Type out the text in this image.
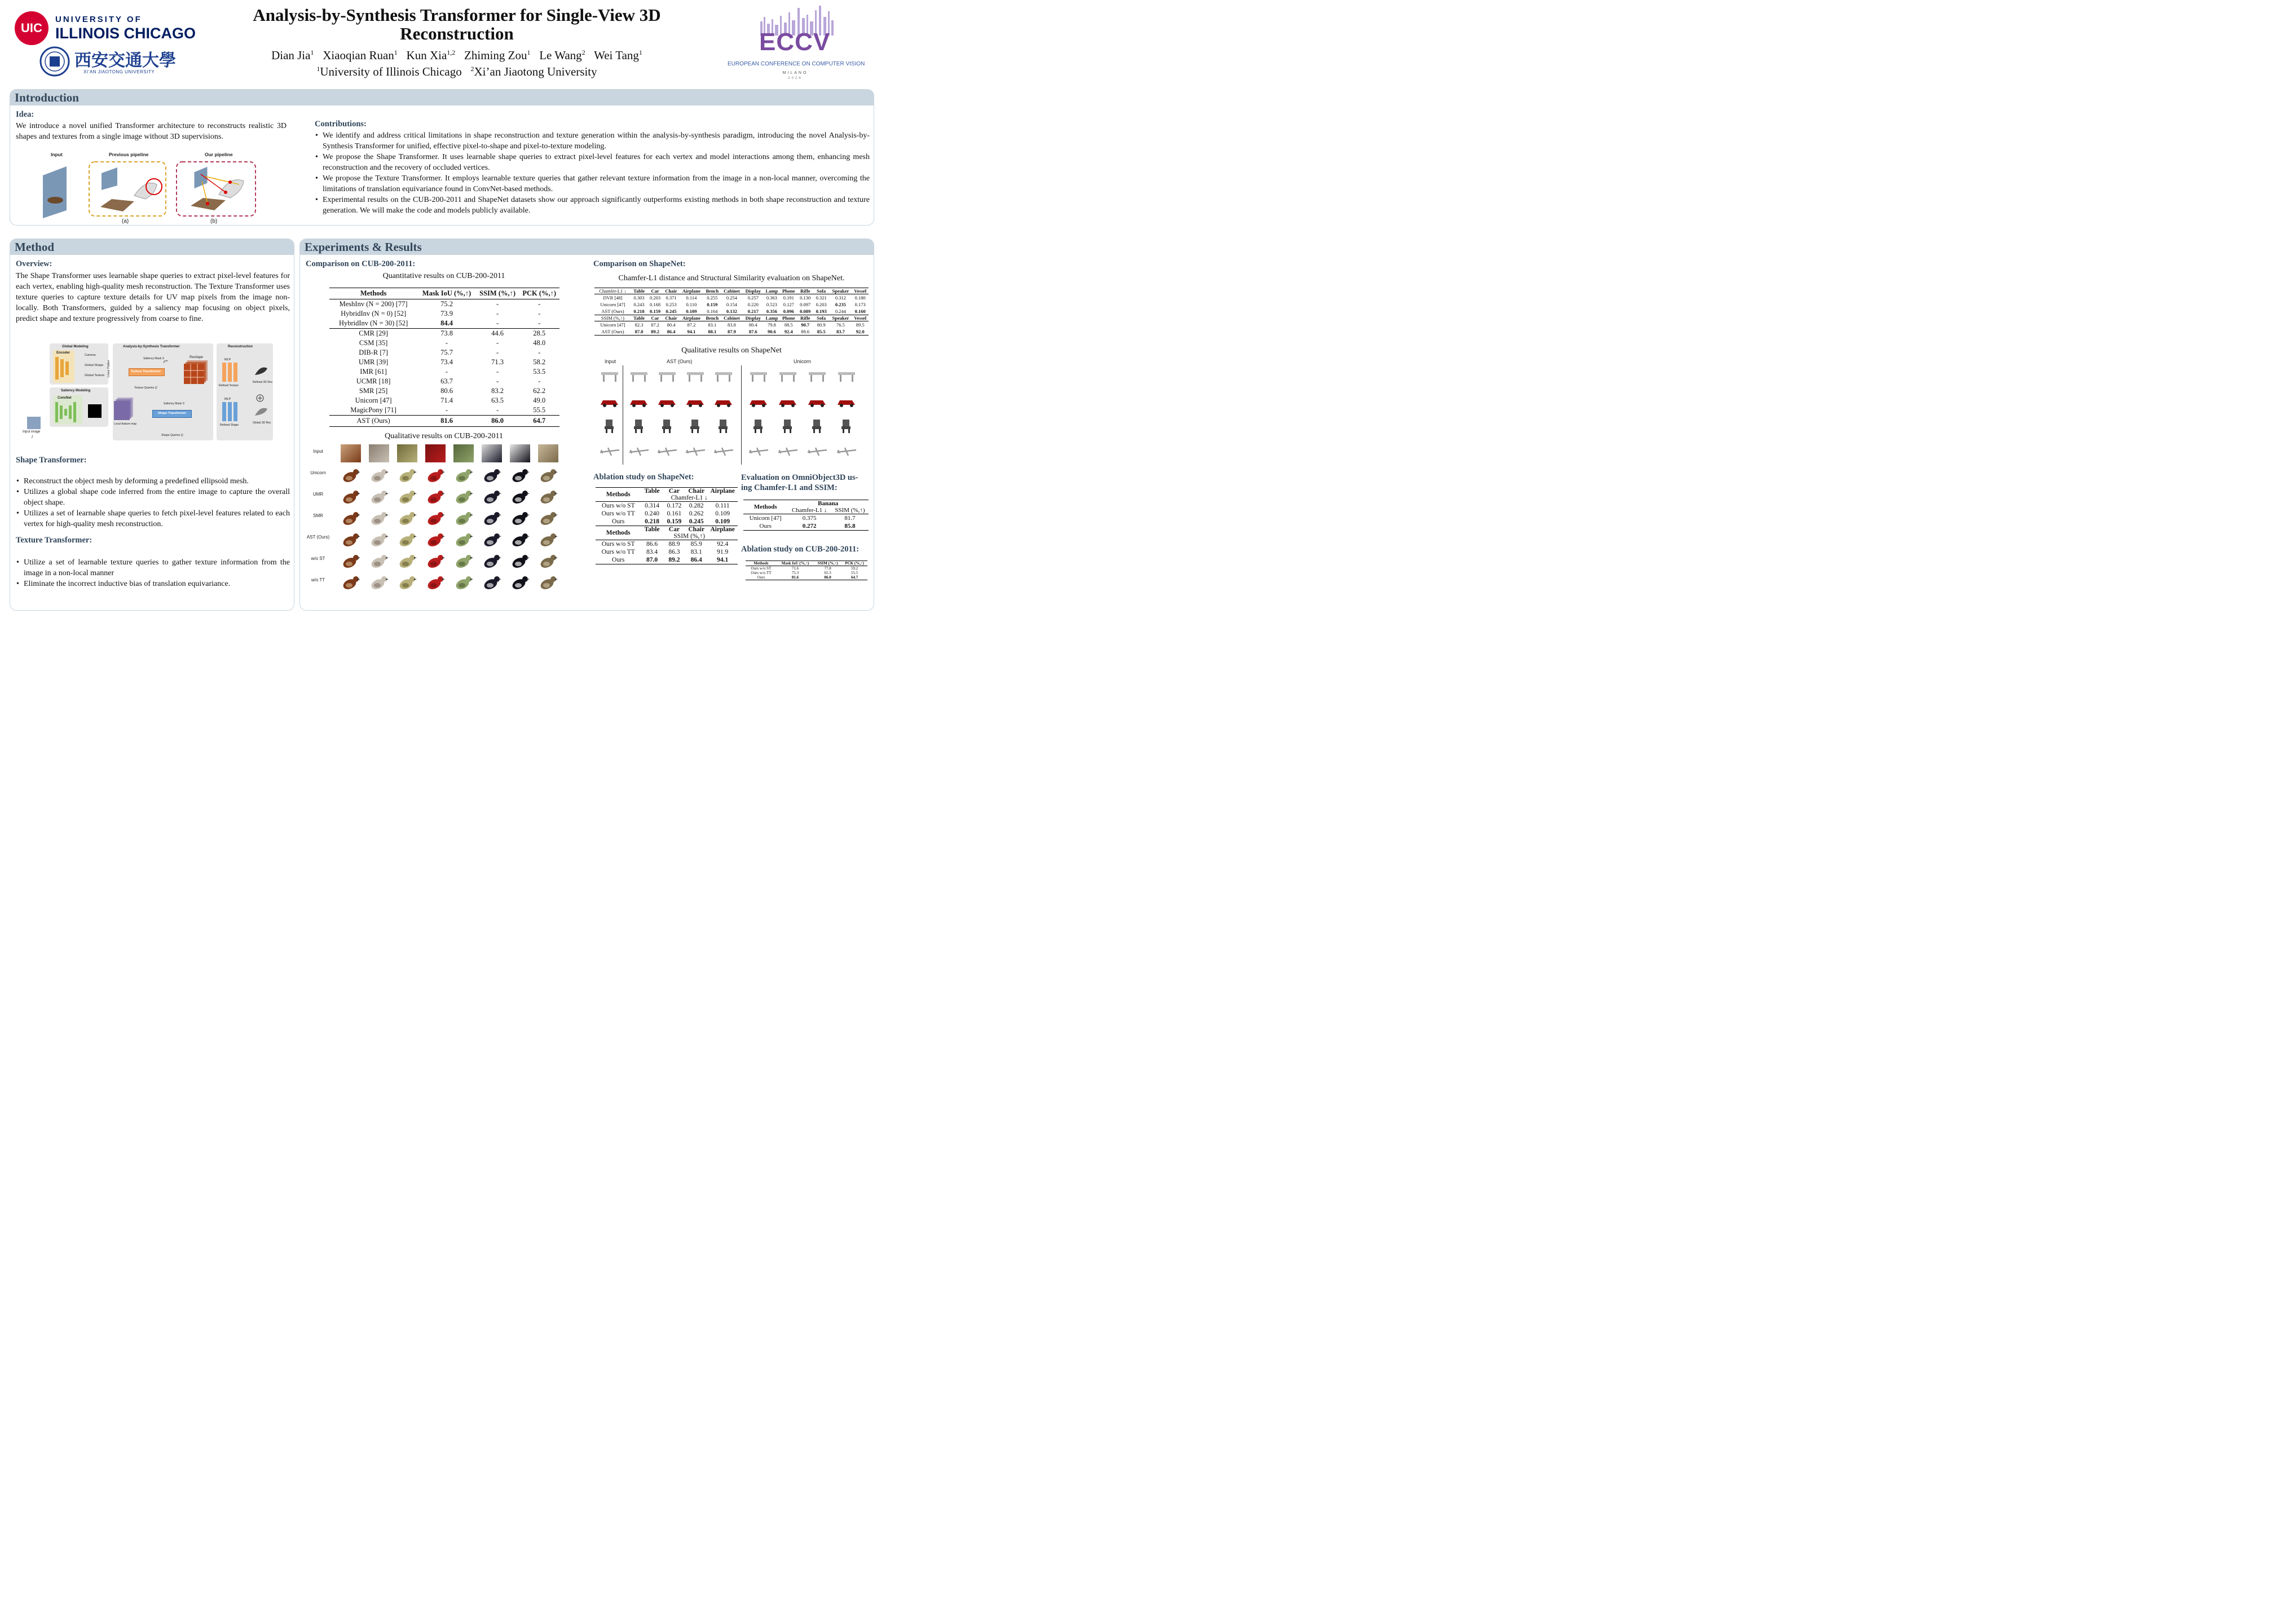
UIC
UNIVERSITY OF
ILLINOIS CHICAGO
西安交通大學
XI’AN JIAOTONG UNIVERSITY
Analysis-by-Synthesis Transformer for Single-View 3D
Reconstruction
Dian Jia$^1$ Xiaoqian Ruan$^1$ Kun Xia$^{1,2}$ Zhiming Zou$^1$ Le Wang$^2$ Wei Tang$^1$
$^1$University of Illinois Chicago $^2$Xi’an Jiaotong University
ECCV
EUROPEAN CONFERENCE ON COMPUTER VISION
MILANO
2024
Introduction
Idea:
We introduce a novel unified Transformer architecture to reconstructs realistic 3D shapes and textures from a single image without 3D supervisions.
Input	Previous pipeline	Our pipeline
(a)	(b)
Contributions:
• We identify and address critical limitations in shape reconstruction and texture generation within the analysis-by-synthesis paradigm, introducing the novel Analysis-by-Synthesis Transformer for unified, effective pixel-to-shape and pixel-to-texture modeling.
• We propose the Shape Transformer. It uses learnable shape queries to extract pixel-level features for each vertex and model interactions among them, enhancing mesh reconstruction and the recovery of occluded vertices.
• We propose the Texture Transformer. It employs learnable texture queries that gather relevant texture information from the image in a non-local manner, overcoming the limitations of translation equivariance found in ConvNet-based methods.
• Experimental results on the CUB-200-2011 and ShapeNet datasets show our approach significantly outperforms existing methods in both shape reconstruction and texture generation. We will make the code and models publicly available.
Method
Overview:
The Shape Transformer uses learnable shape queries to extract pixel-level features for each vertex, enabling high-quality mesh reconstruction. The Texture Transformer uses texture queries to capture texture details for UV map pixels from the image non-locally. Both Transformers, guided by a saliency map focusing on object pixels, predict shape and texture progressively from coarse to fine.
Global Modeling
Encoder
Camera
Global Shape
Global Texture
Saliency Modeling
ConvNet
Input image
I
Analysis-by-Synthesis Transformer
Saliency Mask S
Texture Transformer
Texture Queries Q
$F^{tin}$
Reshape
Local feature map
Linear Flatten
Shape Transformer
Saliency Mask S
Shape Queries Q
Reconstruction
MLP
Refined Texture
MLP
Refined Shape
Refined 3D Rec
Global 3D Rec
Shape Transformer:
• Reconstruct the object mesh by deforming a predefined ellipsoid mesh.
• Utilizes a global shape code inferred from the entire image to capture the overall object shape.
• Utilizes a set of learnable shape queries to fetch pixel-level features related to each vertex for high-quality mesh reconstruction.
Texture Transformer:
• Utilize a set of learnable texture queries to gather texture information from the image in a non-local manner
• Eliminate the incorrect inductive bias of translation equivariance.
Experiments & Results
Comparison on CUB-200-2011:
Quantitative results on CUB-200-2011
Methods	Mask IoU (%,↑)	SSIM (%,↑)	PCK (%,↑)
MeshInv (N = 200) [77]	75.2	-	-
HybridInv (N = 0) [52]	73.9	-	-
HybridInv (N = 30) [52]	84.4	-	-
CMR [29]	73.8	44.6	28.5
CSM [35]	-	-	48.0
DIB-R [7]	75.7	-	-
UMR [39]	73.4	71.3	58.2
IMR [61]	-	-	53.5
UCMR [18]	63.7	-	-
SMR [25]	80.6	83.2	62.2
Unicorn [47]	71.4	63.5	49.0
MagicPony [71]	-	-	55.5
AST (Ours)	81.6	86.0	64.7
Qualitative results on CUB-200-2011
Input
Unicorn
UMR
SMR
AST (Ours)
w/o ST
w/o TT
Comparison on ShapeNet:
Chamfer-L1 distance and Structural Similarity evaluation on ShapeNet.
Chamfer-L1 ↓	Table	Car	Chair	Airplane	Bench	Cabinet	Display	Lamp	Phone	Rifle	Sofa	Speaker	Vessel
DVR [48]	0.303	0.203	0.371	0.114	0.255	0.254	0.257	0.363	0.191	0.130	0.321	0.312	0.180
Unicorn [47]	0.243	0.168	0.253	0.110	0.159	0.154	0.220	0.523	0.127	0.097	0.203	0.235	0.173
AST (Ours)	0.218	0.159	0.245	0.109	0.164	0.132	0.217	0.356	0.096	0.089	0.193	0.244	0.160
SSIM (%,↑)	Table	Car	Chair	Airplane	Bench	Cabinet	Display	Lamp	Phone	Rifle	Sofa	Speaker	Vessel
Unicorn [47]	82.3	87.2	80.4	87.2	83.1	83.8	80.4	79.8	88.5	90.7	80.9	76.5	89.5
AST (Ours)	87.0	89.2	86.4	94.1	88.1	87.9	87.6	90.6	92.4	89.6	85.5	83.7	92.0
Qualitative results on ShapeNet
Input	AST (Ours)	Unicorn
Ablation study on ShapeNet:
Methods	Table	Car	Chair	Airplane
	Chamfer-L1 ↓			
Ours w/o ST	0.314	0.172	0.282	0.111
Ours w/o TT	0.240	0.161	0.262	0.109
Ours	0.218	0.159	0.245	0.109
Methods	Table	Car	Chair	Airplane
	SSIM (%,↑)			
Ours w/o ST	86.6	88.9	85.9	92.4
Ours w/o TT	83.4	86.3	83.1	91.9
Ours	87.0	89.2	86.4	94.1
Evaluation on OmniObject3D us-
ing Chamfer-L1 and SSIM:
Methods	Banana	
	Chamfer-L1 ↓	SSIM (%,↑)
Unicorn [47]	0.375	81.7
Ours	0.272	85.8
Ablation study on CUB-200-2011:
Methods	Mask IoU (%,↑)	SSIM (%,↑)	PCK (%,↑)
Ours w/o ST	71.6	77.8	59.2
Ours w/o TT	75.3	65.3	55.5
Ours	81.6	86.0	64.7
